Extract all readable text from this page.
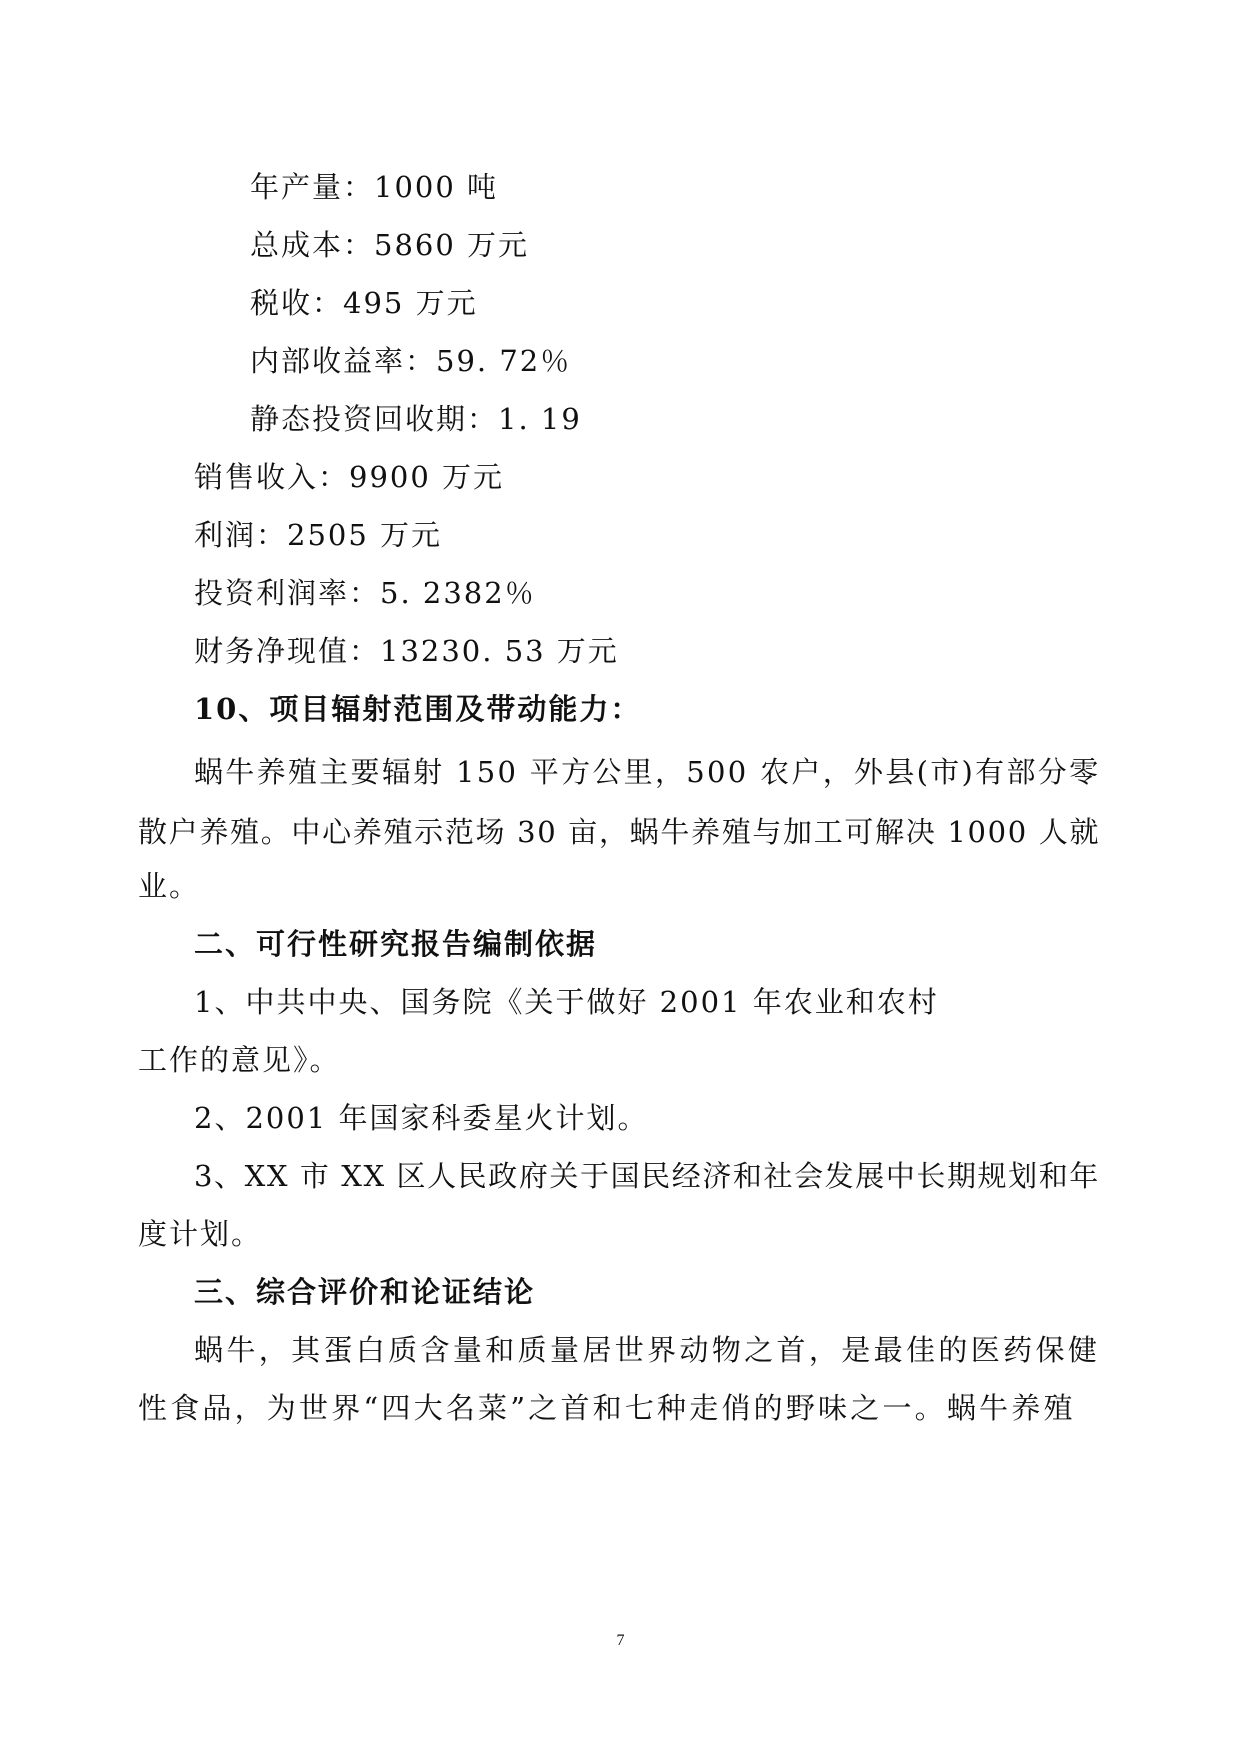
年产量：1000 吨
总成本：5860 万元
税收：495 万元
内部收益率：59. 72％
静态投资回收期：1. 19
销售收入：9900 万元
利润：2505 万元
投资利润率：5. 2382％
财务净现值：13230. 53 万元
10、项目辐射范围及带动能力：
蜗牛养殖主要辐射 150 平方公里，500 农户，外县(市)有部分零
散户养殖。中心养殖示范场 30 亩，蜗牛养殖与加工可解决 1000 人就
业。
二、可行性研究报告编制依据
1、中共中央、国务院《关于做好 2001 年农业和农村
工作的意见》。
2、2001 年国家科委星火计划。
3、XX 市 XX 区人民政府关于国民经济和社会发展中长期规划和年
度计划。
三、综合评价和论证结论
蜗牛，其蛋白质含量和质量居世界动物之首，是最佳的医药保健
性食品，为世界“四大名菜”之首和七种走俏的野味之一。蜗牛养殖
7
